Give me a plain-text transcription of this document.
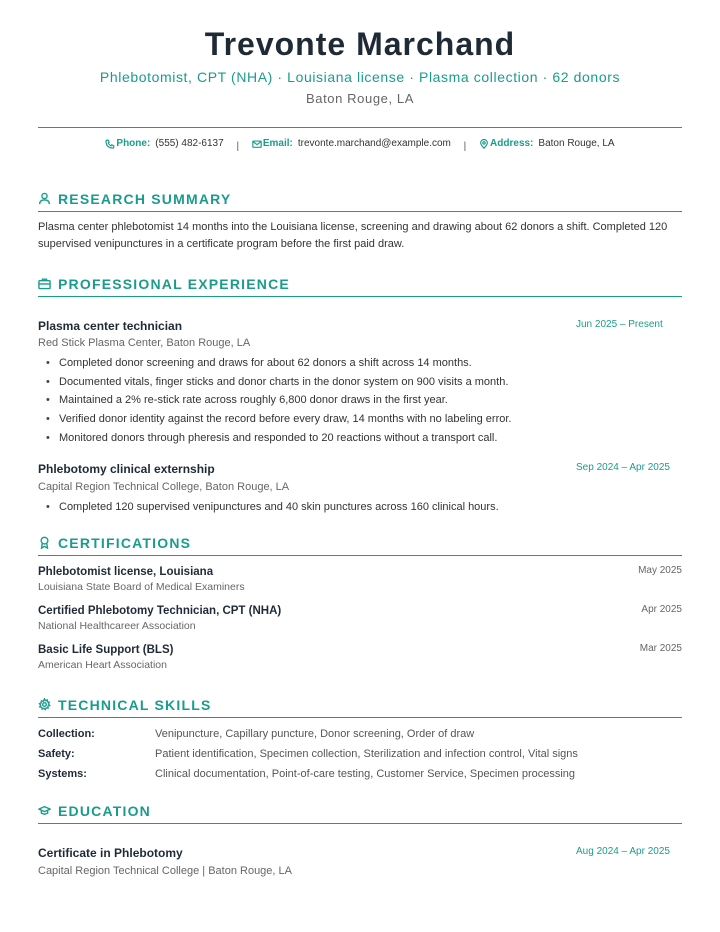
Trevonte Marchand
Phlebotomist, CPT (NHA) · Louisiana license · Plasma collection · 62 donors
Baton Rouge, LA
Phone: (555) 482-6137 | Email: trevonte.marchand@example.com | Address: Baton Rouge, LA
RESEARCH SUMMARY
Plasma center phlebotomist 14 months into the Louisiana license, screening and drawing about 62 donors a shift. Completed 120 supervised venipunctures in a certificate program before the first paid draw.
PROFESSIONAL EXPERIENCE
Plasma center technician	Jun 2025 – Present
Red Stick Plasma Center, Baton Rouge, LA
• Completed donor screening and draws for about 62 donors a shift across 14 months.
• Documented vitals, finger sticks and donor charts in the donor system on 900 visits a month.
• Maintained a 2% re-stick rate across roughly 6,800 donor draws in the first year.
• Verified donor identity against the record before every draw, 14 months with no labeling error.
• Monitored donors through pheresis and responded to 20 reactions without a transport call.
Phlebotomy clinical externship	Sep 2024 – Apr 2025
Capital Region Technical College, Baton Rouge, LA
• Completed 120 supervised venipunctures and 40 skin punctures across 160 clinical hours.
CERTIFICATIONS
Phlebotomist license, Louisiana	May 2025
Louisiana State Board of Medical Examiners
Certified Phlebotomy Technician, CPT (NHA)	Apr 2025
National Healthcareer Association
Basic Life Support (BLS)	Mar 2025
American Heart Association
TECHNICAL SKILLS
Collection:	Venipuncture, Capillary puncture, Donor screening, Order of draw
Safety:	Patient identification, Specimen collection, Sterilization and infection control, Vital signs
Systems:	Clinical documentation, Point-of-care testing, Customer Service, Specimen processing
EDUCATION
Certificate in Phlebotomy	Aug 2024 – Apr 2025
Capital Region Technical College | Baton Rouge, LA
